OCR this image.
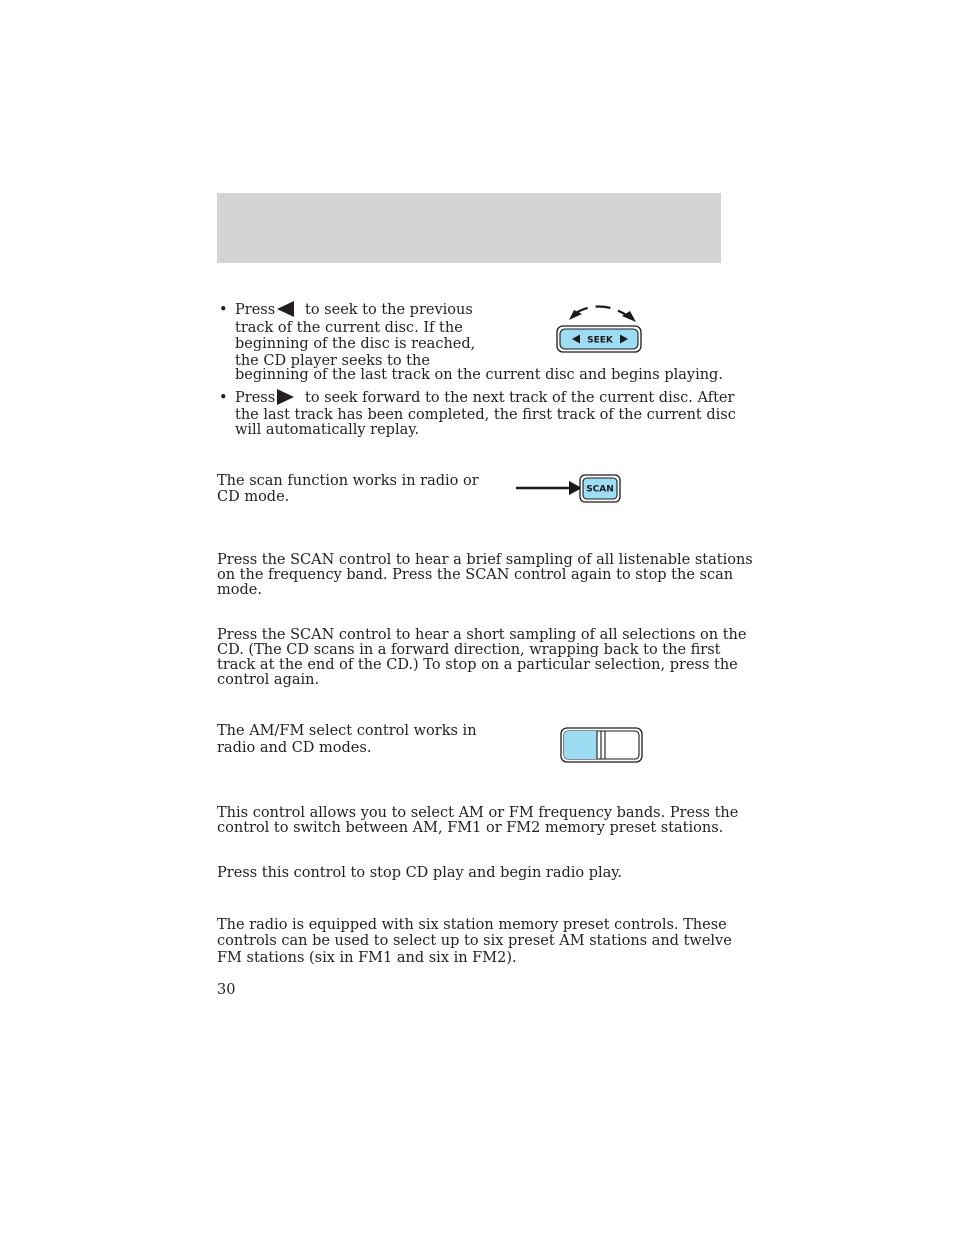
• Press to seek to the previous
track of the current disc. If the
beginning of the disc is reached,
the CD player seeks to the
beginning of the last track on the current disc and begins playing.
SEEK
• Press to seek forward to the next track of the current disc. After
the last track has been completed, the first track of the current disc
will automatically replay.
The scan function works in radio or
CD mode.	SCAN
Press the SCAN control to hear a brief sampling of all listenable stations
on the frequency band. Press the SCAN control again to stop the scan
mode.
Press the SCAN control to hear a short sampling of all selections on the
CD. (The CD scans in a forward direction, wrapping back to the first
track at the end of the CD.) To stop on a particular selection, press the
control again.
The AM/FM select control works in
radio and CD modes.
This control allows you to select AM or FM frequency bands. Press the
control to switch between AM, FM1 or FM2 memory preset stations.
Press this control to stop CD play and begin radio play.
The radio is equipped with six station memory preset controls. These
controls can be used to select up to six preset AM stations and twelve
FM stations (six in FM1 and six in FM2).
30
